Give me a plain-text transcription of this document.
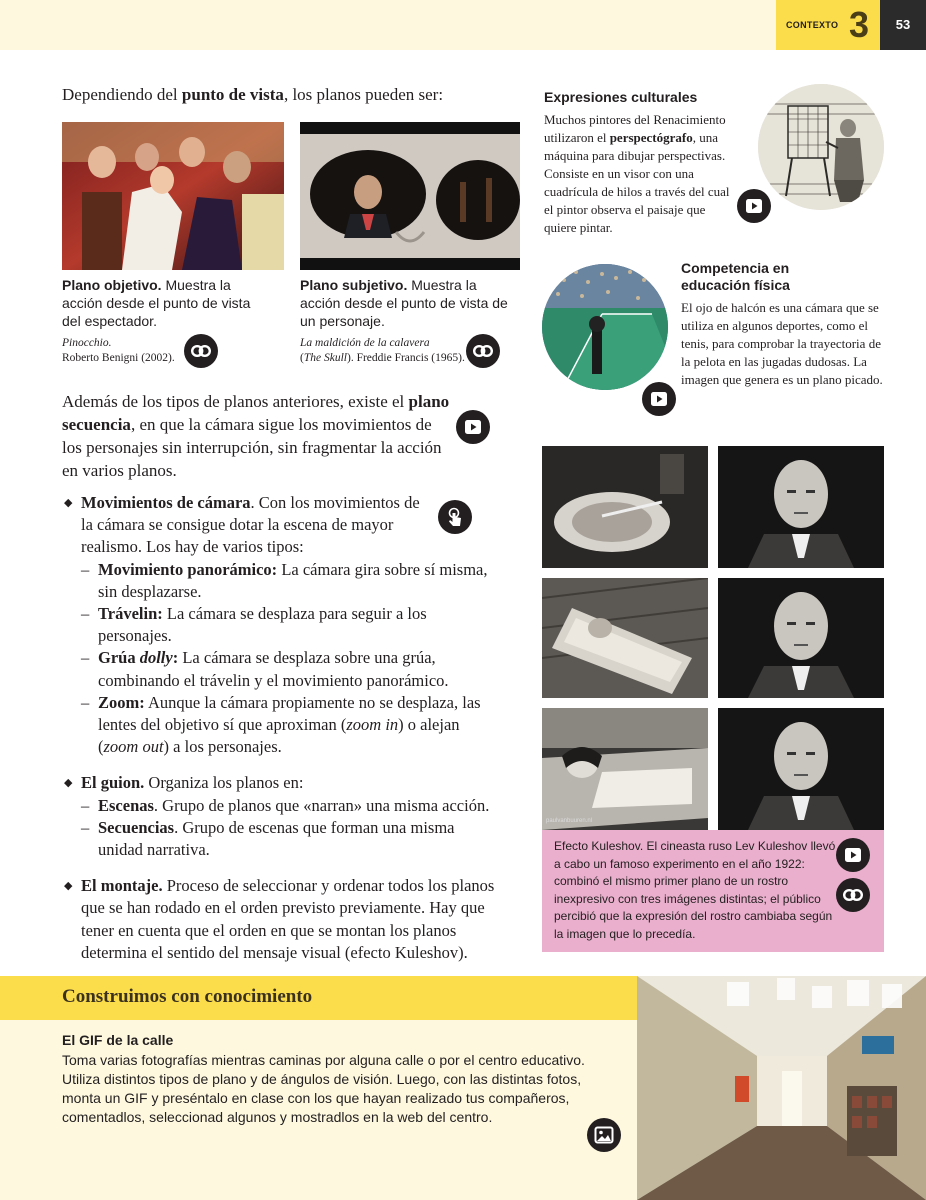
CONTEXTO 3	53

Dependiendo del punto de vista, los planos pueden ser:

Plano objetivo. Muestra la acción desde el punto de vista del espectador.
Pinocchio.
Roberto Benigni (2002).
Plano subjetivo. Muestra la acción desde el punto de vista de un personaje.
La maldición de la calavera
(The Skull). Freddie Francis (1965).

Además de los tipos de planos anteriores, existe el plano secuencia, en que la cámara sigue los movimientos de los personajes sin interrupción, sin fragmentar la acción en varios planos.

◆ Movimientos de cámara. Con los movimientos de la cámara se consigue dotar la escena de mayor realismo. Los hay de varios tipos:
– Movimiento panorámico: La cámara gira sobre sí misma, sin desplazarse.
– Trávelin: La cámara se desplaza para seguir a los personajes.
– Grúa dolly: La cámara se desplaza sobre una grúa, combinando el trávelin y el movimiento panorámico.
– Zoom: Aunque la cámara propiamente no se desplaza, las lentes del objetivo sí que aproximan (zoom in) o alejan (zoom out) a los personajes.
◆ El guion. Organiza los planos en:
– Escenas. Grupo de planos que «narran» una misma acción.
– Secuencias. Grupo de escenas que forman una misma unidad narrativa.
◆ El montaje. Proceso de seleccionar y ordenar todos los planos que se han rodado en el orden previsto previamente. Hay que tener en cuenta que el orden en que se montan los planos determina el sentido del mensaje visual (efecto Kuleshov).
Expresiones culturales

Muchos pintores del Renacimiento utilizaron el perspectógrafo, una máquina para dibujar perspectivas. Consiste en un visor con una cuadrícula de hilos a través del cual el pintor observa el paisaje que quiere pintar.

Competencia en educación física

El ojo de halcón es una cámara que se utiliza en algunos deportes, como el tenis, para comprobar la trayectoria de la pelota en las jugadas dudosas. La imagen que genera es un plano picado.

paulvanbuuren.nl

Efecto Kuleshov. El cineasta ruso Lev Kuleshov llevó a cabo un famoso experimento en el año 1922: combinó el mismo primer plano de un rostro inexpresivo con tres imágenes distintas; el público percibió que la expresión del rostro cambiaba según la imagen que lo precedía.

Construimos con conocimiento
El GIF de la calle

Toma varias fotografías mientras caminas por alguna calle o por el centro educativo. Utiliza distintos tipos de plano y de ángulos de visión. Luego, con las distintas fotos, monta un GIF y preséntalo en clase con los que hayan realizado tus compañeros, comentadlos, seleccionad algunos y mostradlos en la web del centro.
